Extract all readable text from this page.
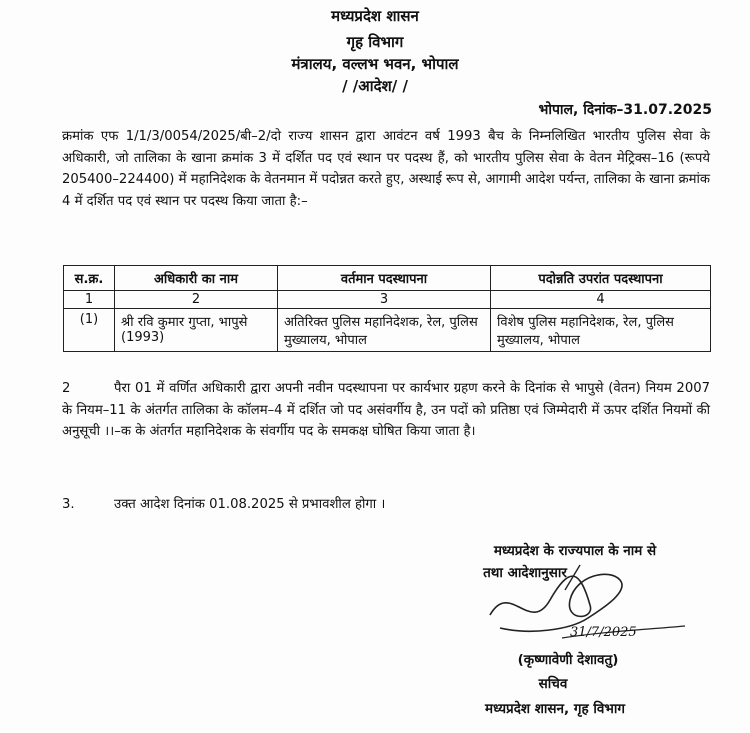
मध्यप्रदेश शासन
गृह विभाग
मंत्रालय, वल्लभ भवन, भोपाल
/ /आदेश/ /
भोपाल, दिनांक–31.07.2025
क्रमांक एफ 1/1/3/0054/2025/बी–2/दो राज्य शासन द्वारा आवंटन वर्ष 1993 बैच के निम्नलिखित भारतीय पुलिस सेवा के अधिकारी, जो तालिका के खाना क्रमांक 3 में दर्शित पद एवं स्थान पर पदस्थ हैं, को भारतीय पुलिस सेवा के वेतन मेट्रिक्स–16 (रूपये 205400–224400) में महानिदेशक के वेतनमान में पदोन्नत करते हुए, अस्थाई रूप से, आगामी आदेश पर्यन्त, तालिका के खाना क्रमांक 4 में दर्शित पद एवं स्थान पर पदस्थ किया जाता है:–
स.क्र.	अधिकारी का नाम	वर्तमान पदस्थापना	पदोन्नति उपरांत पदस्थापना
1	2	3	4
(1)	श्री रवि कुमार गुप्ता, भापुसे (1993)	अतिरिक्त पुलिस महानिदेशक, रेल, पुलिस मुख्यालय, भोपाल	विशेष पुलिस महानिदेशक, रेल, पुलिस मुख्यालय, भोपाल
2	पैरा 01 में वर्णित अधिकारी द्वारा अपनी नवीन पदस्थापना पर कार्यभार ग्रहण करने के दिनांक से भापुसे (वेतन) नियम 2007 के नियम–11 के अंतर्गत तालिका के कॉलम–4 में दर्शित जो पद असंवर्गीय है, उन पदों को प्रतिष्ठा एवं जिम्मेदारी में ऊपर दर्शित नियमों की अनुसूची ।।–क के अंतर्गत महानिदेशक के संवर्गीय पद के समकक्ष घोषित किया जाता है।
3.	उक्त आदेश दिनांक 01.08.2025 से प्रभावशील होगा ।
मध्यप्रदेश के राज्यपाल के नाम से
तथा आदेशानुसार
31/7/2025
(कृष्णावेणी देशावतु)
सचिव
मध्यप्रदेश शासन, गृह विभाग
